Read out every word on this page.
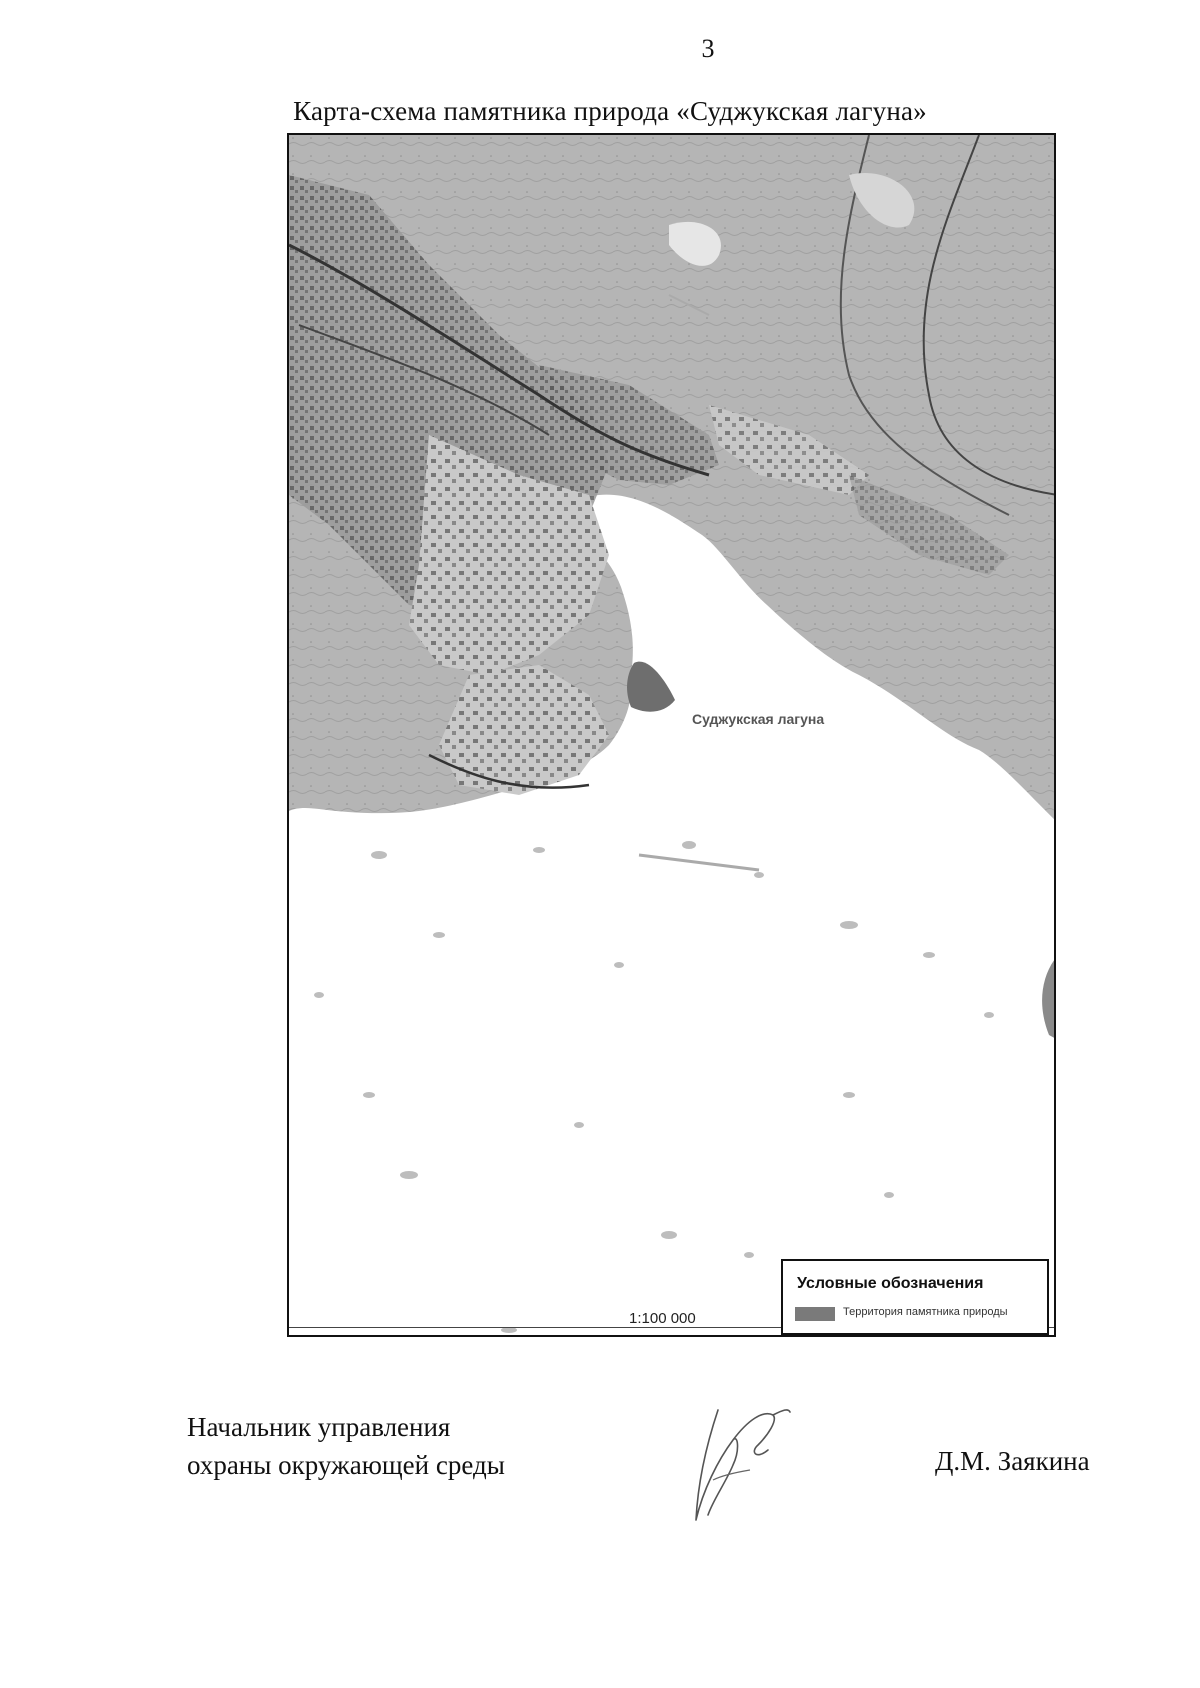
3
Карта-схема памятника природа «Суджукская лагуна»
Суджукская лагуна
1:100 000
Условные обозначения
Территория памятника природы
Начальник управления
охраны окружающей среды	Д.М. Заякина
